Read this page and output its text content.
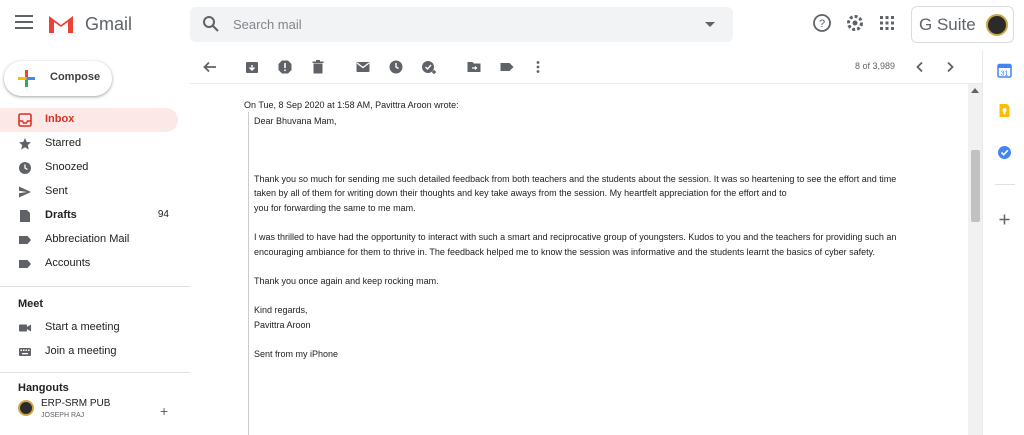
Gmail	Search mail	?	G Suite
Compose
Inbox
Starred
Snoozed
Sent
Drafts	94
Abbreciation Mail
Accounts
Meet
Start a meeting
Join a meeting
Hangouts
ERP-SRM PUB
JOSEPH RAJ	+
8 of 3,989
On Tue, 8 Sep 2020 at 1:58 AM, Pavittra Aroon wrote:
Dear Bhuvana Mam,
Thank you so much for sending me such detailed feedback from both teachers and the students about the session. It was so heartening to see the effort and time
taken by all of them for writing down their thoughts and key take aways from the session. My heartfelt appreciation for the effort and to
you for forwarding the same to me mam.
I was thrilled to have had the opportunity to interact with such a smart and reciprocative group of youngsters. Kudos to you and the teachers for providing such an
encouraging ambiance for them to thrive in. The feedback helped me to know the session was informative and the students learnt the basics of cyber safety.
Thank you once again and keep rocking mam.
Kind regards,
Pavittra Aroon
Sent from my iPhone
31
